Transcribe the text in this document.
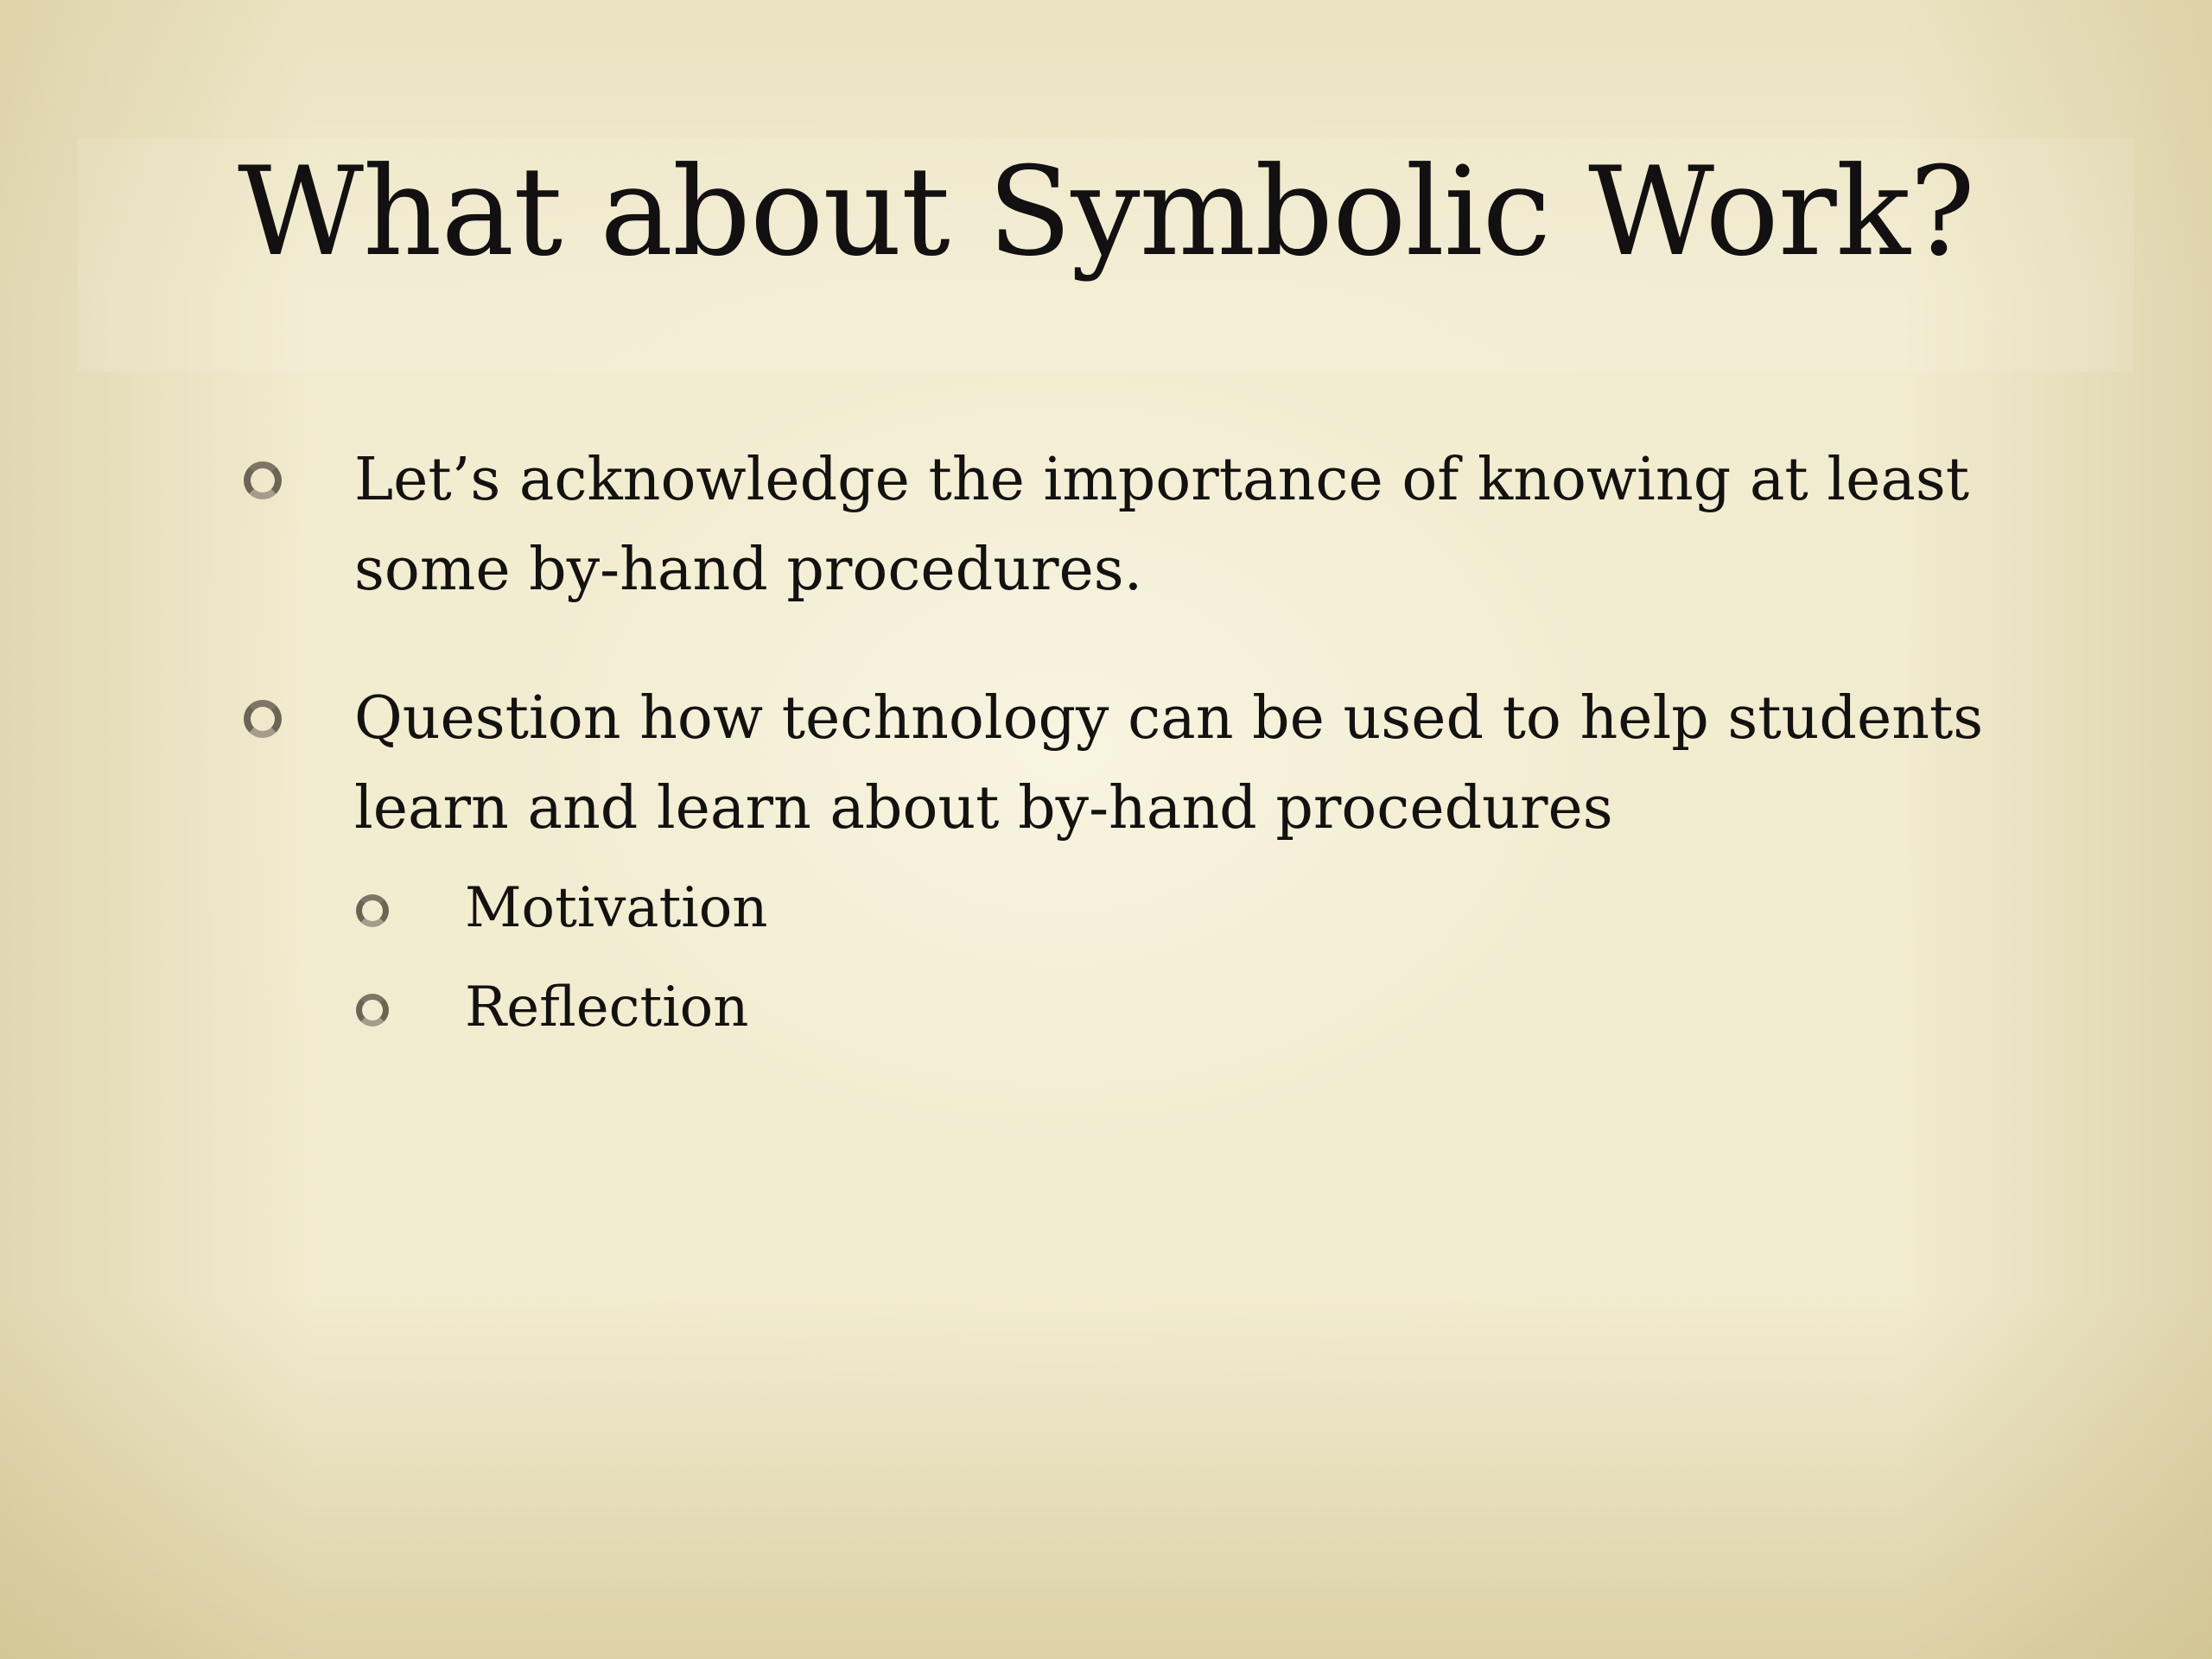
What about Symbolic Work?

Let’s acknowledge the importance of knowing at least some by-hand procedures.

Question how technology can be used to help students learn and learn about by-hand procedures

Motivation

Reflection
